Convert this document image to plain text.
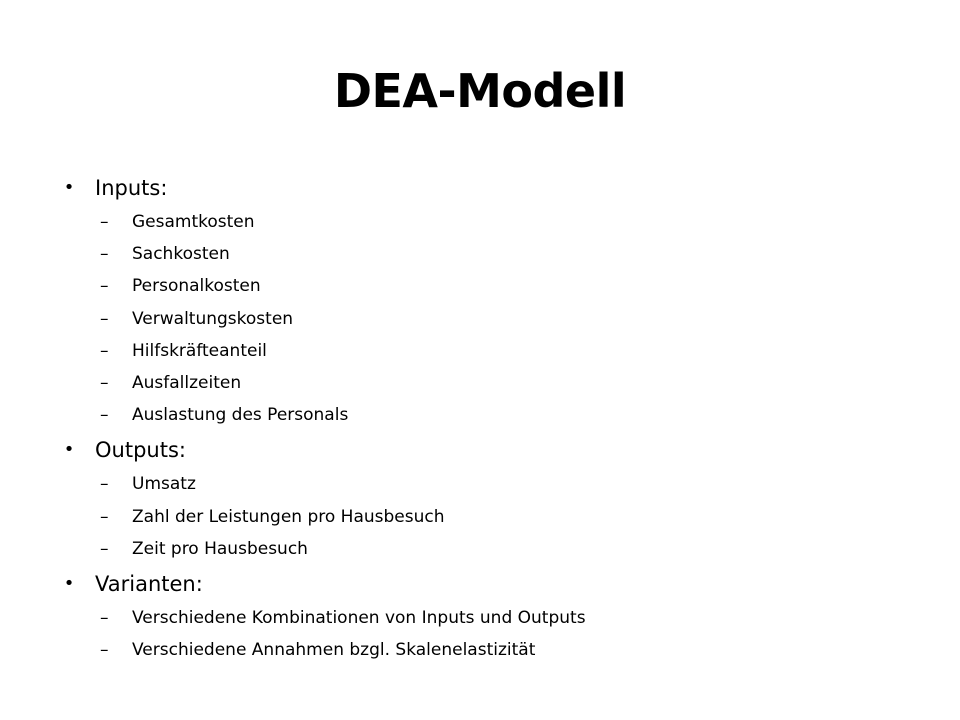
DEA-Modell
• Inputs:
– Gesamtkosten
– Sachkosten
– Personalkosten
– Verwaltungskosten
– Hilfskräfteanteil
– Ausfallzeiten
– Auslastung des Personals
• Outputs:
– Umsatz
– Zahl der Leistungen pro Hausbesuch
– Zeit pro Hausbesuch
• Varianten:
– Verschiedene Kombinationen von Inputs und Outputs
– Verschiedene Annahmen bzgl. Skalenelastizität
